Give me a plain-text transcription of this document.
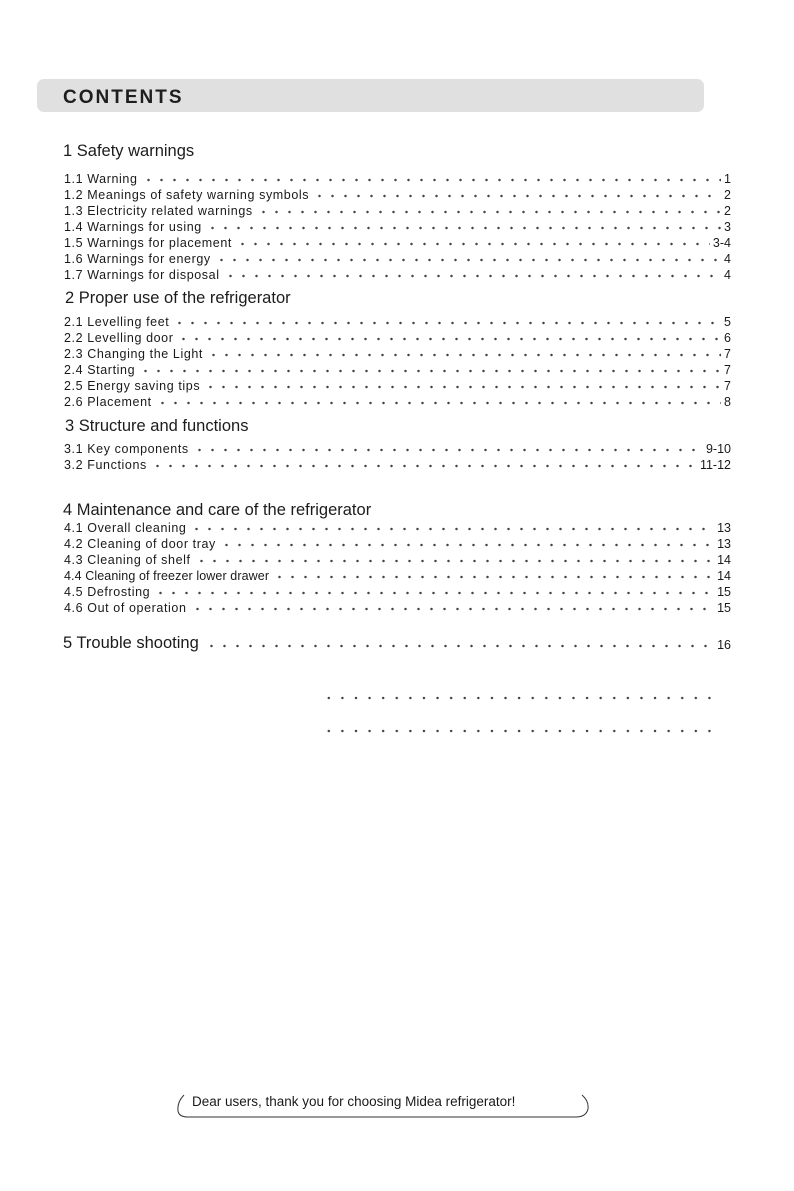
CONTENTS
1 Safety warnings
1.1 Warning	1
1.2 Meanings of safety warning symbols	2
1.3 Electricity related warnings	2
1.4 Warnings for using	3
1.5 Warnings for placement	3-4
1.6 Warnings for energy	4
1.7 Warnings for disposal	4
2 Proper use of the refrigerator
2.1 Levelling feet	5
2.2 Levelling door	6
2.3 Changing the Light	7
2.4 Starting	7
2.5 Energy saving tips	7
2.6 Placement	8
3 Structure and functions
3.1 Key components	9-10
3.2 Functions	11-12
4 Maintenance and care of the refrigerator
4.1 Overall cleaning	13
4.2 Cleaning of door tray	13
4.3 Cleaning of shelf	14
4.4 Cleaning of freezer lower drawer	14
4.5 Defrosting	15
4.6 Out of operation	15
5 Trouble shooting	16
Dear users, thank you for choosing Midea refrigerator!
